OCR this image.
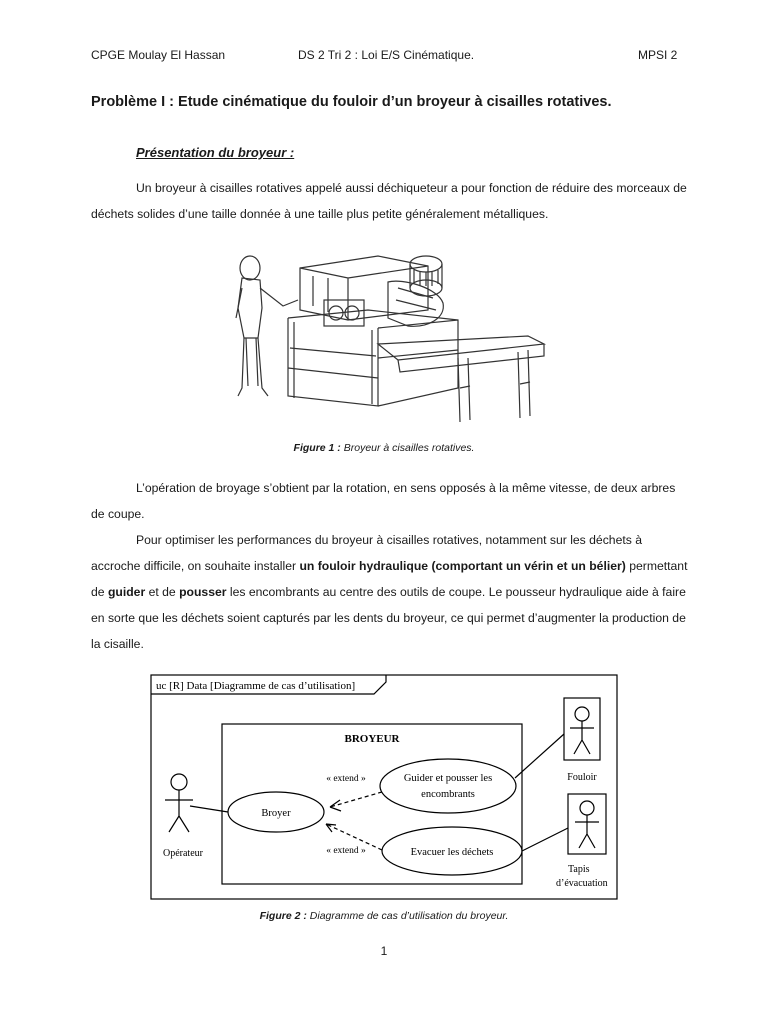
CPGE Moulay El Hassan	DS 2 Tri 2 : Loi E/S Cinématique.	MPSI 2
Problème I : Etude cinématique du fouloir d’un broyeur à cisailles rotatives.
Présentation du broyeur :
Un broyeur à cisailles rotatives appelé aussi déchiqueteur a pour fonction de réduire des morceaux de déchets solides d’une taille donnée à une taille plus petite généralement métalliques.
Figure 1 : Broyeur à cisailles rotatives.
L’opération de broyage s’obtient par la rotation, en sens opposés à la même vitesse, de deux arbres de coupe.
Pour optimiser les performances du broyeur à cisailles rotatives, notamment sur les déchets à accroche difficile, on souhaite installer un fouloir hydraulique (comportant un vérin et un bélier) permettant de guider et de pousser les encombrants au centre des outils de coupe. Le pousseur hydraulique aide à faire en sorte que les déchets soient capturés par les dents du broyeur, ce qui permet d’augmenter la production de la cisaille.
uc [R] Data [Diagramme de cas d’utilisation]
BROYEUR
Opérateur
Fouloir
Tapis
d’évacuation
Broyer
Guider et pousser les
encombrants
Evacuer les déchets
« extend »
« extend »
Figure 2 : Diagramme de cas d’utilisation du broyeur.
1
